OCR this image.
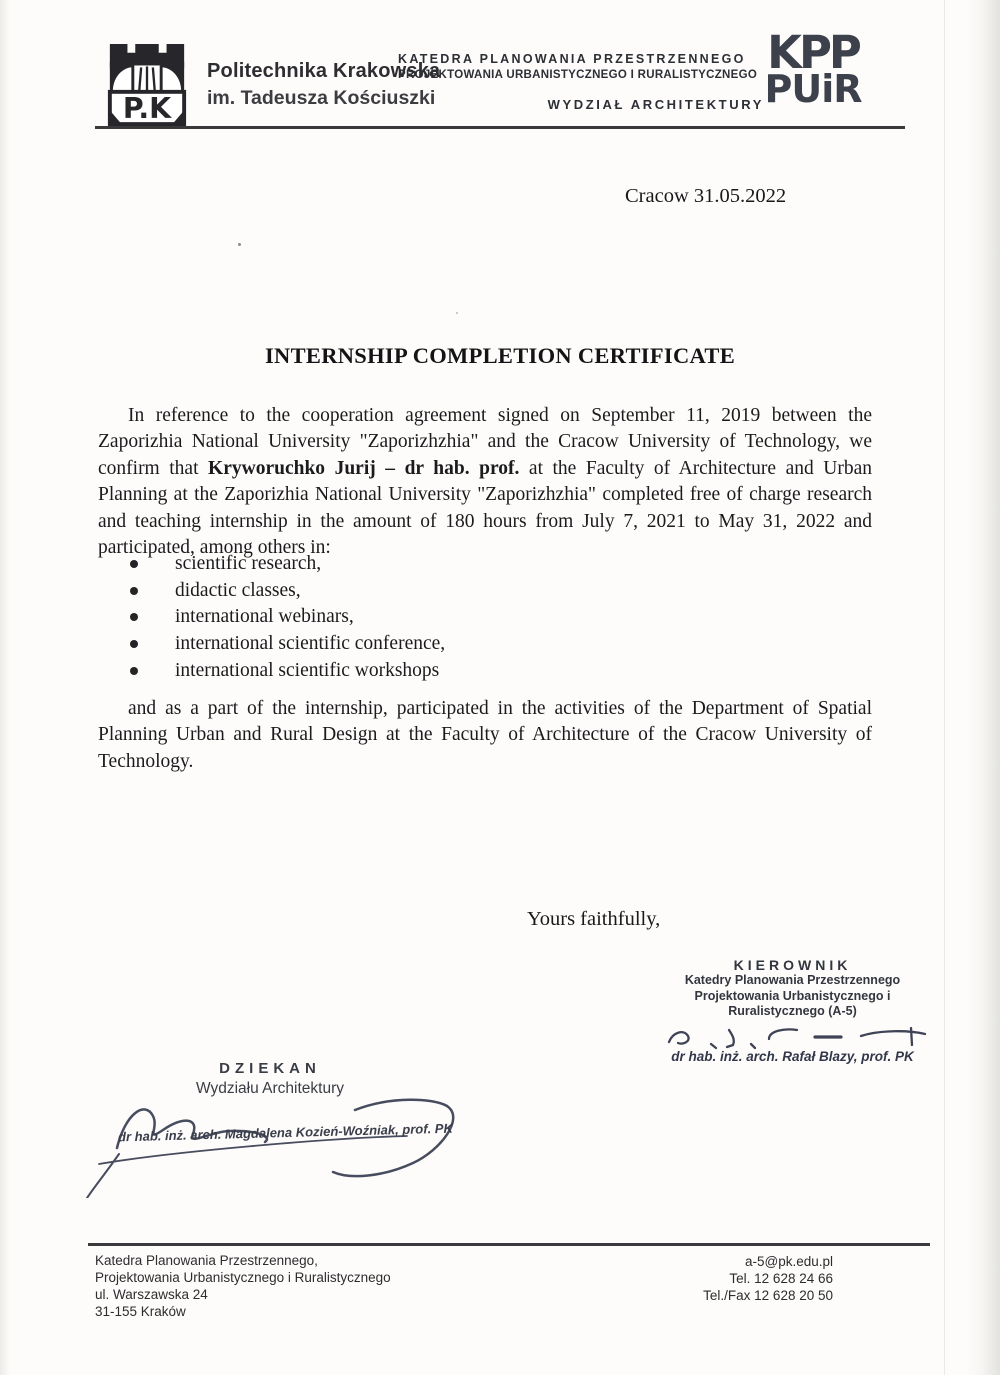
P.K
Politechnika Krakowska
im. Tadeusza Kościuszki
KATEDRA PLANOWANIA PRZESTRZENNEGO
PROJEKTOWANIA URBANISTYCZNEGO I RURALISTYCZNEGO
WYDZIAŁ ARCHITEKTURY
KPP
PUiR
Cracow 31.05.2022
INTERNSHIP COMPLETION CERTIFICATE

In reference to the cooperation agreement signed on September 11, 2019 between the Zaporizhia National University "Zaporizhzhia" and the Cracow University of Technology, we confirm that Kryworuchko Jurij – dr hab. prof. at the Faculty of Architecture and Urban Planning at the Zaporizhia National University "Zaporizhzhia" completed free of charge research and teaching internship in the amount of 180 hours from July 7, 2021 to May 31, 2022 and participated, among others in:

scientific research,
didactic classes,
international webinars,
international scientific conference,
international scientific workshops

and as a part of the internship, participated in the activities of the Department of Spatial Planning Urban and Rural Design at the Faculty of Architecture of the Cracow University of Technology.

Yours faithfully,
KIEROWNIK
Katedry Planowania Przestrzennego
Projektowania Urbanistycznego i
Ruralistycznego (A-5)
dr hab. inż. arch. Rafał Blazy, prof. PK
DZIEKAN
Wydziału Architektury
dr hab. inż. arch. Magdalena Kozień-Woźniak, prof. PK
Katedra Planowania Przestrzennego,
Projektowania Urbanistycznego i Ruralistycznego
ul. Warszawska 24
31-155 Kraków
a-5@pk.edu.pl
Tel. 12 628 24 66
Tel./Fax 12 628 20 50
